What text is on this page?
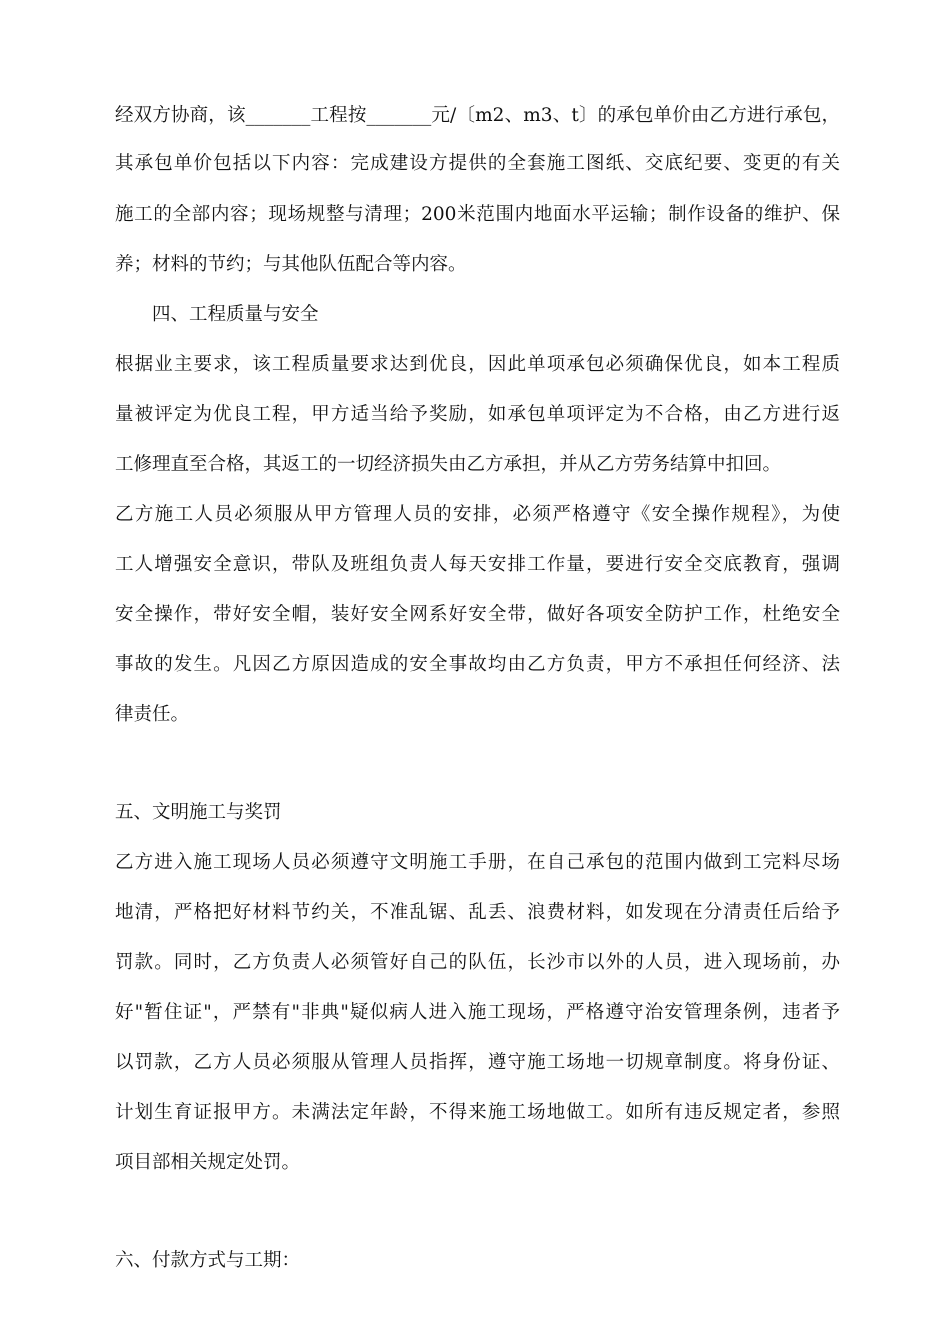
经双方协商，该_______工程按_______元/〔m2、m3、t〕的承包单价由乙方进行承包，
其承包单价包括以下内容：完成建设方提供的全套施工图纸、交底纪要、变更的有关
施工的全部内容；现场规整与清理；200米范围内地面水平运输；制作设备的维护、保
养；材料的节约；与其他队伍配合等内容。
四、工程质量与安全
根据业主要求，该工程质量要求达到优良，因此单项承包必须确保优良，如本工程质
量被评定为优良工程，甲方适当给予奖励，如承包单项评定为不合格，由乙方进行返
工修理直至合格，其返工的一切经济损失由乙方承担，并从乙方劳务结算中扣回。
乙方施工人员必须服从甲方管理人员的安排，必须严格遵守《安全操作规程》，为使
工人增强安全意识，带队及班组负责人每天安排工作量，要进行安全交底教育，强调
安全操作，带好安全帽，装好安全网系好安全带，做好各项安全防护工作，杜绝安全
事故的发生。凡因乙方原因造成的安全事故均由乙方负责，甲方不承担任何经济、法
律责任。
五、文明施工与奖罚
乙方进入施工现场人员必须遵守文明施工手册，在自己承包的范围内做到工完料尽场
地清，严格把好材料节约关，不准乱锯、乱丢、浪费材料，如发现在分清责任后给予
罚款。同时，乙方负责人必须管好自己的队伍，长沙市以外的人员，进入现场前，办
好"暂住证"，严禁有"非典"疑似病人进入施工现场，严格遵守治安管理条例，违者予
以罚款，乙方人员必须服从管理人员指挥，遵守施工场地一切规章制度。将身份证、
计划生育证报甲方。未满法定年龄，不得来施工场地做工。如所有违反规定者，参照
项目部相关规定处罚。
六、付款方式与工期：
